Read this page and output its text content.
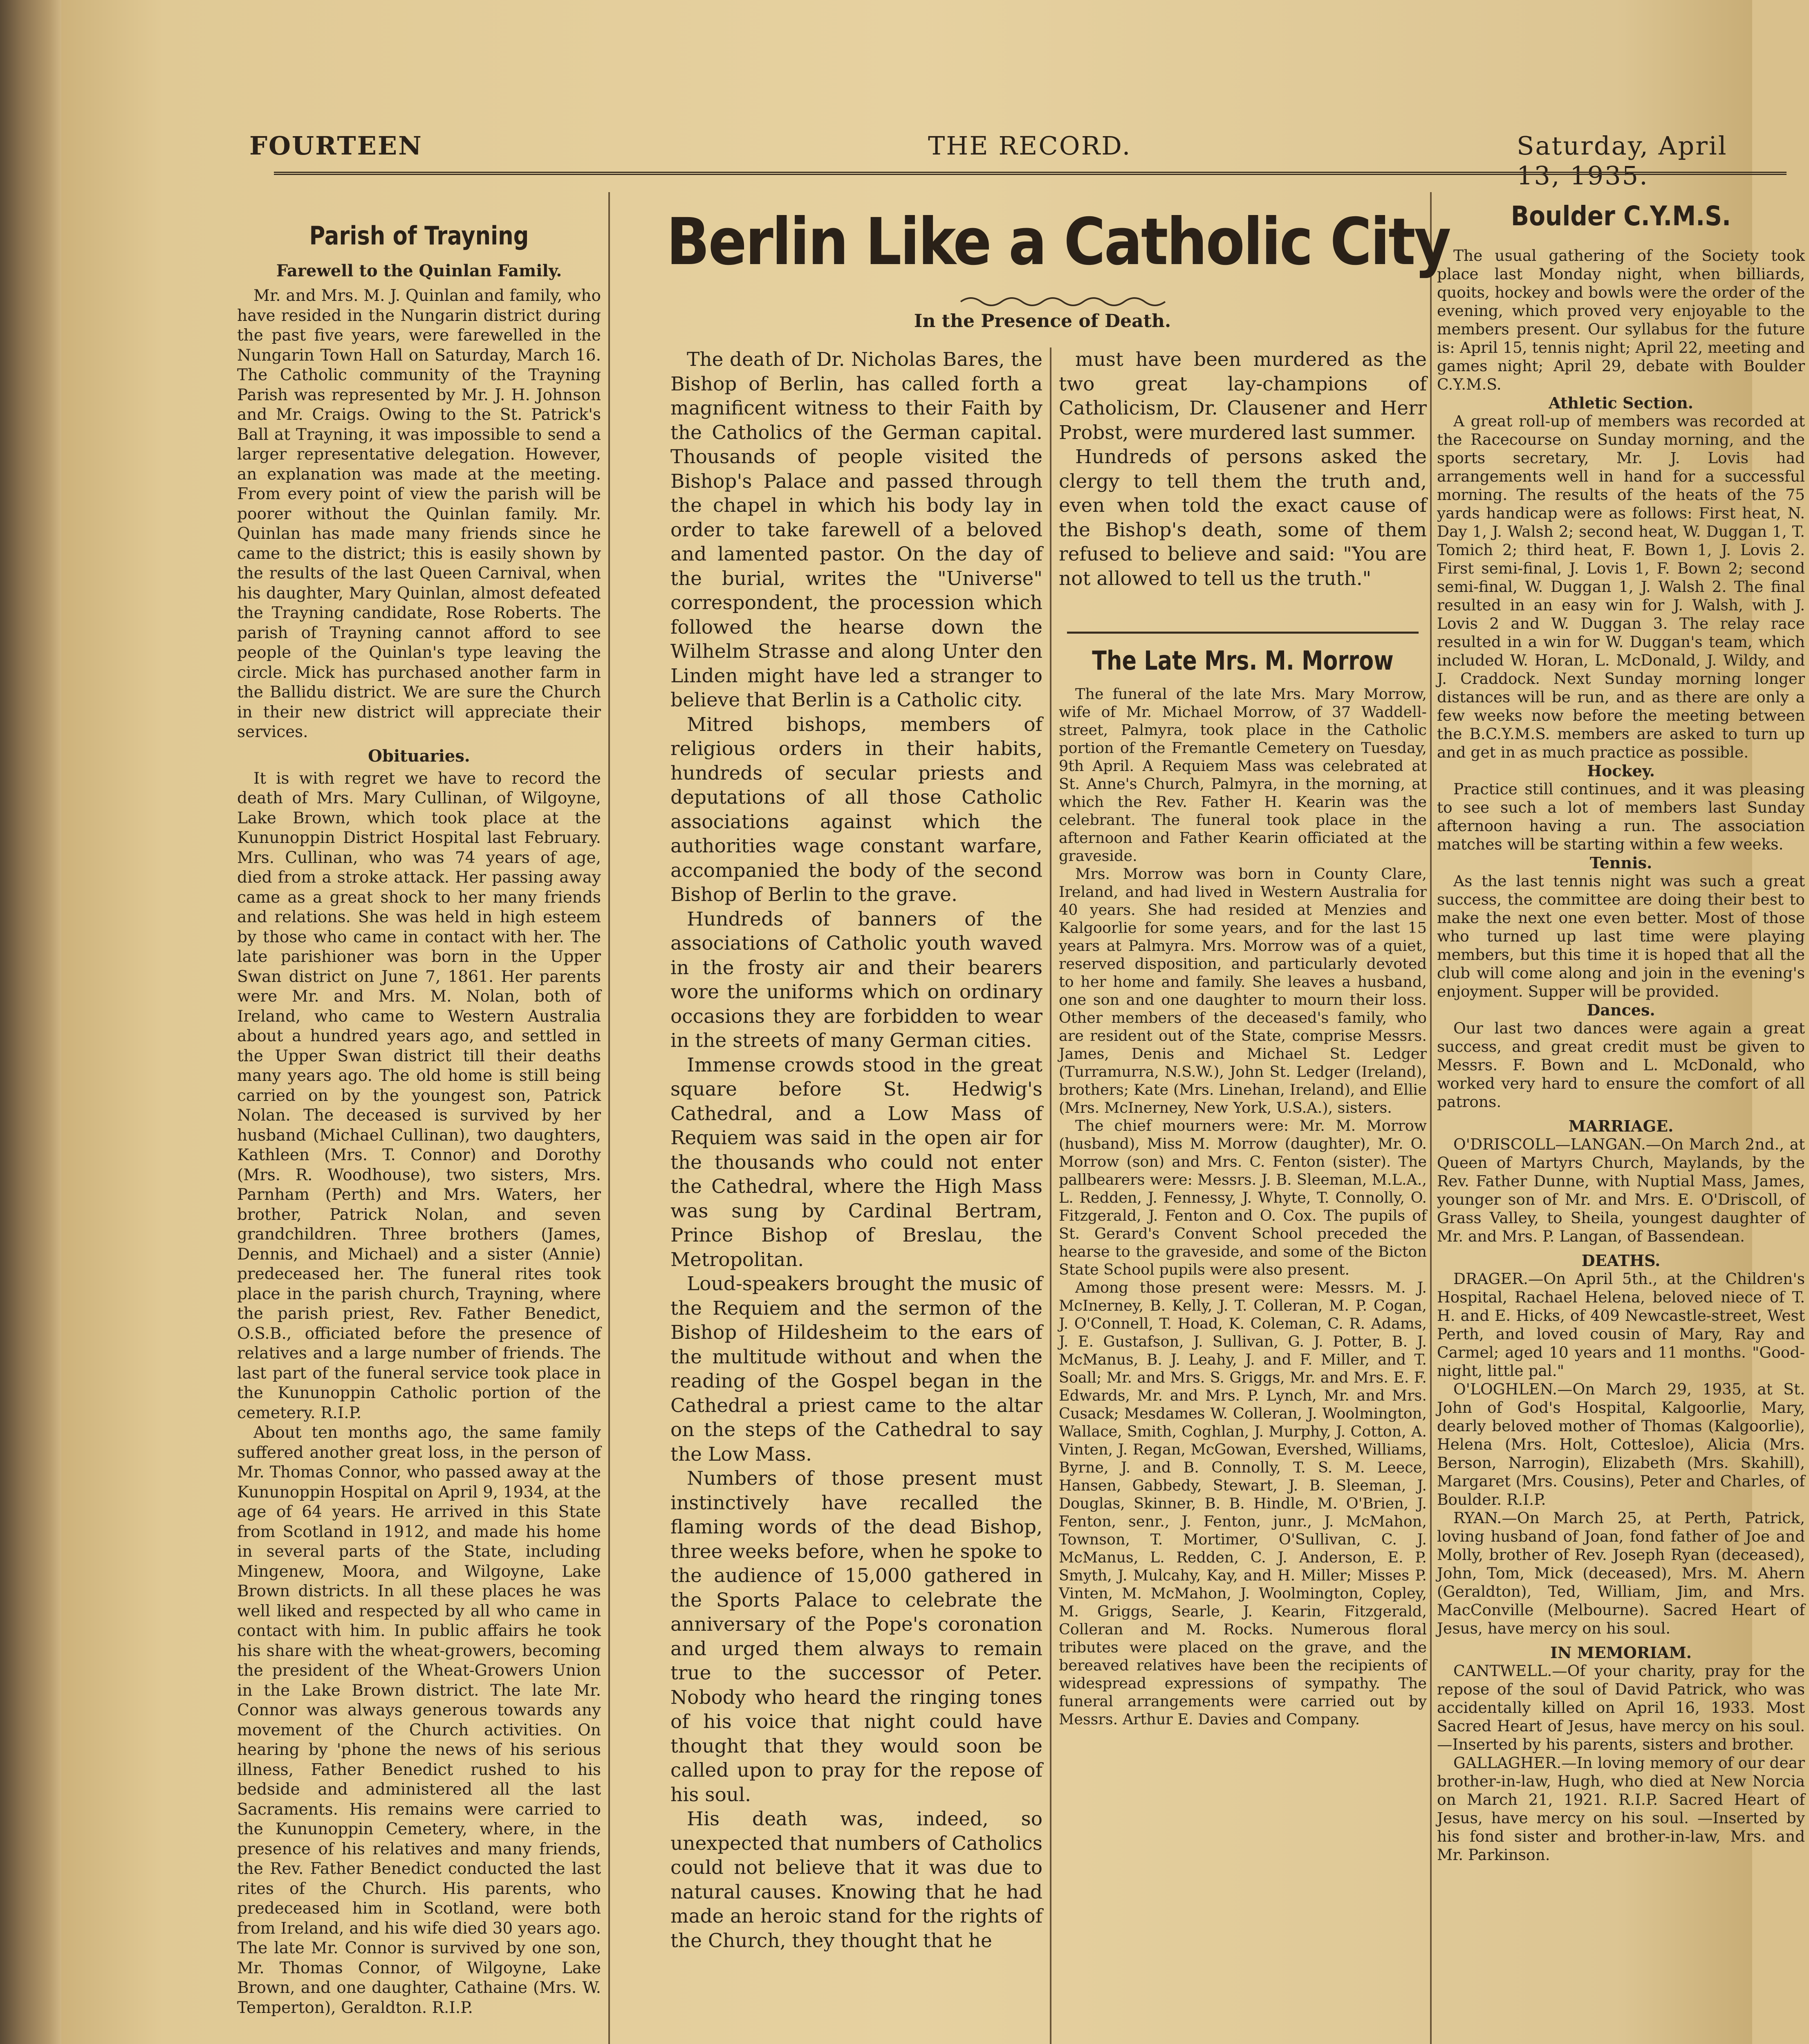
FOURTEEN	THE RECORD.	Saturday, April 13, 1935.
Parish of Trayning
Farewell to the Quinlan Family.

Mr. and Mrs. M. J. Quinlan and family, who have resided in the Nungarin district during the past five years, were farewelled in the Nungarin Town Hall on Saturday, March 16. The Catholic community of the Trayning Parish was represented by Mr. J. H. Johnson and Mr. Craigs. Owing to the St. Patrick's Ball at Trayning, it was impossible to send a larger representative delegation. However, an explanation was made at the meeting. From every point of view the parish will be poorer without the Quinlan family. Mr. Quinlan has made many friends since he came to the district; this is easily shown by the results of the last Queen Carnival, when his daughter, Mary Quinlan, almost defeated the Trayning candidate, Rose Roberts. The parish of Trayning cannot afford to see people of the Quinlan's type leaving the circle. Mick has purchased another farm in the Ballidu district. We are sure the Church in their new district will appreciate their services.

Obituaries.

It is with regret we have to record the death of Mrs. Mary Cullinan, of Wilgoyne, Lake Brown, which took place at the Kununoppin District Hospital last February. Mrs. Cullinan, who was 74 years of age, died from a stroke attack. Her passing away came as a great shock to her many friends and relations. She was held in high esteem by those who came in contact with her. The late parishioner was born in the Upper Swan district on June 7, 1861. Her parents were Mr. and Mrs. M. Nolan, both of Ireland, who came to Western Australia about a hundred years ago, and settled in the Upper Swan district till their deaths many years ago. The old home is still being carried on by the youngest son, Patrick Nolan. The deceased is survived by her husband (Michael Cullinan), two daughters, Kathleen (Mrs. T. Connor) and Dorothy (Mrs. R. Woodhouse), two sisters, Mrs. Parnham (Perth) and Mrs. Waters, her brother, Patrick Nolan, and seven grandchildren. Three brothers (James, Dennis, and Michael) and a sister (Annie) predeceased her. The funeral rites took place in the parish church, Trayning, where the parish priest, Rev. Father Benedict, O.S.B., officiated before the presence of relatives and a large number of friends. The last part of the funeral service took place in the Kununoppin Catholic portion of the cemetery. R.I.P.

About ten months ago, the same family suffered another great loss, in the person of Mr. Thomas Connor, who passed away at the Kununoppin Hospital on April 9, 1934, at the age of 64 years. He arrived in this State from Scotland in 1912, and made his home in several parts of the State, including Mingenew, Moora, and Wilgoyne, Lake Brown districts. In all these places he was well liked and respected by all who came in contact with him. In public affairs he took his share with the wheat-growers, becoming the president of the Wheat-Growers Union in the Lake Brown district. The late Mr. Connor was always generous towards any movement of the Church activities. On hearing by 'phone the news of his serious illness, Father Benedict rushed to his bedside and administered all the last Sacraments. His remains were carried to the Kununoppin Cemetery, where, in the presence of his relatives and many friends, the Rev. Father Benedict conducted the last rites of the Church. His parents, who predeceased him in Scotland, were both from Ireland, and his wife died 30 years ago. The late Mr. Connor is survived by one son, Mr. Thomas Connor, of Wilgoyne, Lake Brown, and one daughter, Cathaine (Mrs. W. Temperton), Geraldton. R.I.P.

Berlin Like a Catholic City
In the Presence of Death.

The death of Dr. Nicholas Bares, the Bishop of Berlin, has called forth a magnificent witness to their Faith by the Catholics of the German capital. Thousands of people visited the Bishop's Palace and passed through the chapel in which his body lay in order to take farewell of a beloved and lamented pastor. On the day of the burial, writes the "Universe" correspondent, the procession which followed the hearse down the Wilhelm Strasse and along Unter den Linden might have led a stranger to believe that Berlin is a Catholic city.

Mitred bishops, members of religious orders in their habits, hundreds of secular priests and deputations of all those Catholic associations against which the authorities wage constant warfare, accompanied the body of the second Bishop of Berlin to the grave.

Hundreds of banners of the associations of Catholic youth waved in the frosty air and their bearers wore the uniforms which on ordinary occasions they are forbidden to wear in the streets of many German cities.

Immense crowds stood in the great square before St. Hedwig's Cathedral, and a Low Mass of Requiem was said in the open air for the thousands who could not enter the Cathedral, where the High Mass was sung by Cardinal Bertram, Prince Bishop of Breslau, the Metropolitan.

Loud-speakers brought the music of the Requiem and the sermon of the Bishop of Hildesheim to the ears of the multitude without and when the reading of the Gospel began in the Cathedral a priest came to the altar on the steps of the Cathedral to say the Low Mass.

Numbers of those present must instinctively have recalled the flaming words of the dead Bishop, three weeks before, when he spoke to the audience of 15,000 gathered in the Sports Palace to celebrate the anniversary of the Pope's coronation and urged them always to remain true to the successor of Peter. Nobody who heard the ringing tones of his voice that night could have thought that they would soon be called upon to pray for the repose of his soul.

His death was, indeed, so unexpected that numbers of Catholics could not believe that it was due to natural causes. Knowing that he had made an heroic stand for the rights of the Church, they thought that he

must have been murdered as the two great lay-champions of Catholicism, Dr. Clausener and Herr Probst, were murdered last summer.

Hundreds of persons asked the clergy to tell them the truth and, even when told the exact cause of the Bishop's death, some of them refused to believe and said: "You are not allowed to tell us the truth."

The Late Mrs. M. Morrow

The funeral of the late Mrs. Mary Morrow, wife of Mr. Michael Morrow, of 37 Waddell-street, Palmyra, took place in the Catholic portion of the Fremantle Cemetery on Tuesday, 9th April. A Requiem Mass was celebrated at St. Anne's Church, Palmyra, in the morning, at which the Rev. Father H. Kearin was the celebrant. The funeral took place in the afternoon and Father Kearin officiated at the graveside.

Mrs. Morrow was born in County Clare, Ireland, and had lived in Western Australia for 40 years. She had resided at Menzies and Kalgoorlie for some years, and for the last 15 years at Palmyra. Mrs. Morrow was of a quiet, reserved disposition, and particularly devoted to her home and family. She leaves a husband, one son and one daughter to mourn their loss. Other members of the deceased's family, who are resident out of the State, comprise Messrs. James, Denis and Michael St. Ledger (Turramurra, N.S.W.), John St. Ledger (Ireland), brothers; Kate (Mrs. Linehan, Ireland), and Ellie (Mrs. McInerney, New York, U.S.A.), sisters.

The chief mourners were: Mr. M. Morrow (husband), Miss M. Morrow (daughter), Mr. O. Morrow (son) and Mrs. C. Fenton (sister). The pallbearers were: Messrs. J. B. Sleeman, M.L.A., L. Redden, J. Fennessy, J. Whyte, T. Connolly, O. Fitzgerald, J. Fenton and O. Cox. The pupils of St. Gerard's Convent School preceded the hearse to the graveside, and some of the Bicton State School pupils were also present.

Among those present were: Messrs. M. J. McInerney, B. Kelly, J. T. Colleran, M. P. Cogan, J. O'Connell, T. Hoad, K. Coleman, C. R. Adams, J. E. Gustafson, J. Sullivan, G. J. Potter, B. J. McManus, B. J. Leahy, J. and F. Miller, and T. Soall; Mr. and Mrs. S. Griggs, Mr. and Mrs. E. F. Edwards, Mr. and Mrs. P. Lynch, Mr. and Mrs. Cusack; Mesdames W. Colleran, J. Woolmington, Wallace, Smith, Coghlan, J. Murphy, J. Cotton, A. Vinten, J. Regan, McGowan, Evershed, Williams, Byrne, J. and B. Connolly, T. S. M. Leece, Hansen, Gabbedy, Stewart, J. B. Sleeman, J. Douglas, Skinner, B. B. Hindle, M. O'Brien, J. Fenton, senr., J. Fenton, junr., J. McMahon, Townson, T. Mortimer, O'Sullivan, C. J. McManus, L. Redden, C. J. Anderson, E. P. Smyth, J. Mulcahy, Kay, and H. Miller; Misses P. Vinten, M. McMahon, J. Woolmington, Copley, M. Griggs, Searle, J. Kearin, Fitzgerald, Colleran and M. Rocks. Numerous floral tributes were placed on the grave, and the bereaved relatives have been the recipients of widespread expressions of sympathy. The funeral arrangements were carried out by Messrs. Arthur E. Davies and Company.

Boulder C.Y.M.S.

The usual gathering of the Society took place last Monday night, when billiards, quoits, hockey and bowls were the order of the evening, which proved very enjoyable to the members present. Our syllabus for the future is: April 15, tennis night; April 22, meeting and games night; April 29, debate with Boulder C.Y.M.S.

Athletic Section.

A great roll-up of members was recorded at the Racecourse on Sunday morning, and the sports secretary, Mr. J. Lovis had arrangements well in hand for a successful morning. The results of the heats of the 75 yards handicap were as follows: First heat, N. Day 1, J. Walsh 2; second heat, W. Duggan 1, T. Tomich 2; third heat, F. Bown 1, J. Lovis 2. First semi-final, J. Lovis 1, F. Bown 2; second semi-final, W. Duggan 1, J. Walsh 2. The final resulted in an easy win for J. Walsh, with J. Lovis 2 and W. Duggan 3. The relay race resulted in a win for W. Duggan's team, which included W. Horan, L. McDonald, J. Wildy, and J. Craddock. Next Sunday morning longer distances will be run, and as there are only a few weeks now before the meeting between the B.C.Y.M.S. members are asked to turn up and get in as much practice as possible.

Hockey.

Practice still continues, and it was pleasing to see such a lot of members last Sunday afternoon having a run. The association matches will be starting within a few weeks.

Tennis.

As the last tennis night was such a great success, the committee are doing their best to make the next one even better. Most of those who turned up last time were playing members, but this time it is hoped that all the club will come along and join in the evening's enjoyment. Supper will be provided.

Dances.

Our last two dances were again a great success, and great credit must be given to Messrs. F. Bown and L. McDonald, who worked very hard to ensure the comfort of all patrons.

MARRIAGE.

O'DRISCOLL—LANGAN.—On March 2nd., at Queen of Martyrs Church, Maylands, by the Rev. Father Dunne, with Nuptial Mass, James, younger son of Mr. and Mrs. E. O'Driscoll, of Grass Valley, to Sheila, youngest daughter of Mr. and Mrs. P. Langan, of Bassendean.

DEATHS.

DRAGER.—On April 5th., at the Children's Hospital, Rachael Helena, beloved niece of T. H. and E. Hicks, of 409 Newcastle-street, West Perth, and loved cousin of Mary, Ray and Carmel; aged 10 years and 11 months. "Good-night, little pal."

O'LOGHLEN.—On March 29, 1935, at St. John of God's Hospital, Kalgoorlie, Mary, dearly beloved mother of Thomas (Kalgoorlie), Helena (Mrs. Holt, Cottesloe), Alicia (Mrs. Berson, Narrogin), Elizabeth (Mrs. Skahill), Margaret (Mrs. Cousins), Peter and Charles, of Boulder. R.I.P.

RYAN.—On March 25, at Perth, Patrick, loving husband of Joan, fond father of Joe and Molly, brother of Rev. Joseph Ryan (deceased), John, Tom, Mick (deceased), Mrs. M. Ahern (Geraldton), Ted, William, Jim, and Mrs. MacConville (Melbourne). Sacred Heart of Jesus, have mercy on his soul.

IN MEMORIAM.

CANTWELL.—Of your charity, pray for the repose of the soul of David Patrick, who was accidentally killed on April 16, 1933. Most Sacred Heart of Jesus, have mercy on his soul. —Inserted by his parents, sisters and brother.

GALLAGHER.—In loving memory of our dear brother-in-law, Hugh, who died at New Norcia on March 21, 1921. R.I.P. Sacred Heart of Jesus, have mercy on his soul. —Inserted by his fond sister and brother-in-law, Mrs. and Mr. Parkinson.
